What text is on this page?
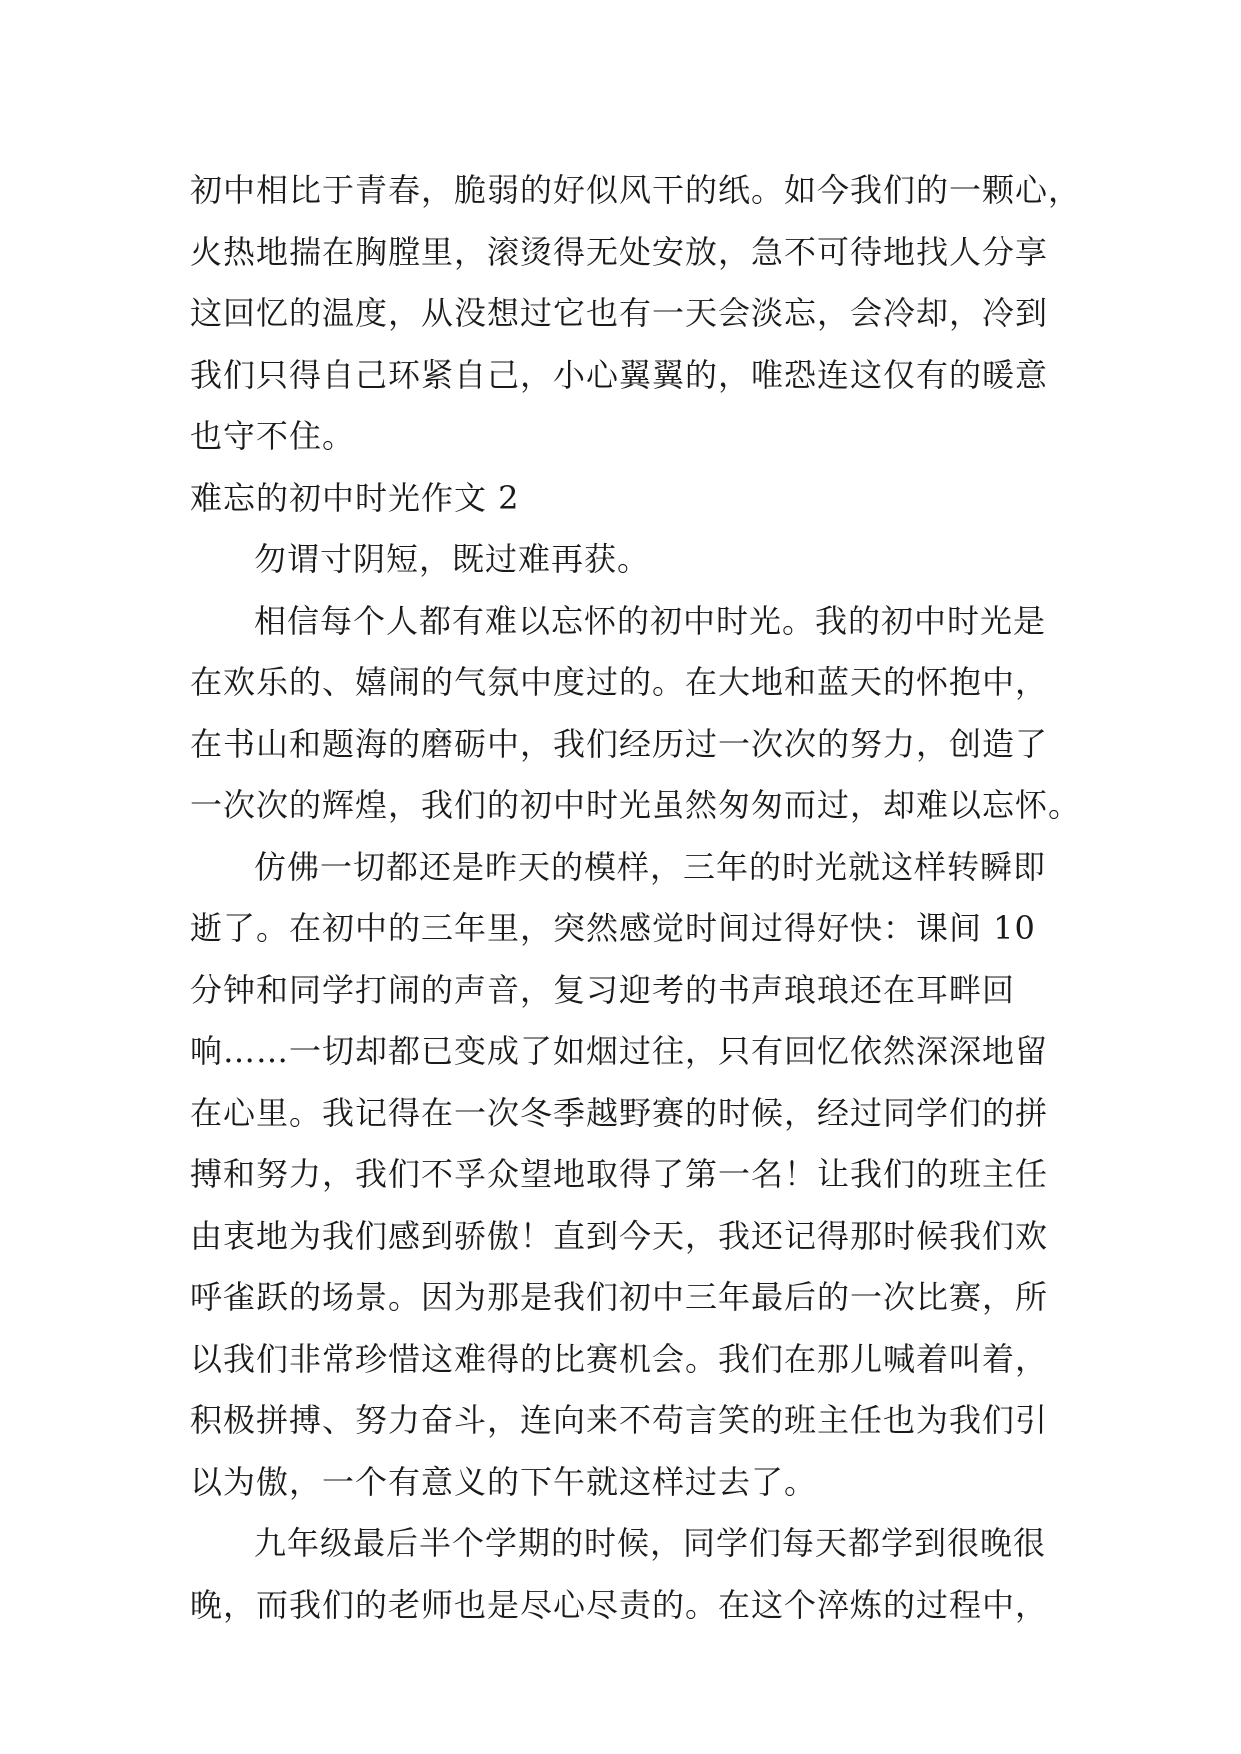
初中相比于青春，脆弱的好似风干的纸。如今我们的一颗心，
火热地揣在胸膛里，滚烫得无处安放，急不可待地找人分享
这回忆的温度，从没想过它也有一天会淡忘，会冷却，冷到
我们只得自己环紧自己，小心翼翼的，唯恐连这仅有的暖意
也守不住。
难忘的初中时光作文 2
勿谓寸阴短，既过难再获。
相信每个人都有难以忘怀的初中时光。我的初中时光是
在欢乐的、嬉闹的气氛中度过的。在大地和蓝天的怀抱中，
在书山和题海的磨砺中，我们经历过一次次的努力，创造了
一次次的辉煌，我们的初中时光虽然匆匆而过，却难以忘怀。
仿佛一切都还是昨天的模样，三年的时光就这样转瞬即
逝了。在初中的三年里，突然感觉时间过得好快：课间 10
分钟和同学打闹的声音，复习迎考的书声琅琅还在耳畔回
响……一切却都已变成了如烟过往，只有回忆依然深深地留
在心里。我记得在一次冬季越野赛的时候，经过同学们的拼
搏和努力，我们不孚众望地取得了第一名！让我们的班主任
由衷地为我们感到骄傲！直到今天，我还记得那时候我们欢
呼雀跃的场景。因为那是我们初中三年最后的一次比赛，所
以我们非常珍惜这难得的比赛机会。我们在那儿喊着叫着，
积极拼搏、努力奋斗，连向来不苟言笑的班主任也为我们引
以为傲，一个有意义的下午就这样过去了。
九年级最后半个学期的时候，同学们每天都学到很晚很
晚，而我们的老师也是尽心尽责的。在这个淬炼的过程中，
